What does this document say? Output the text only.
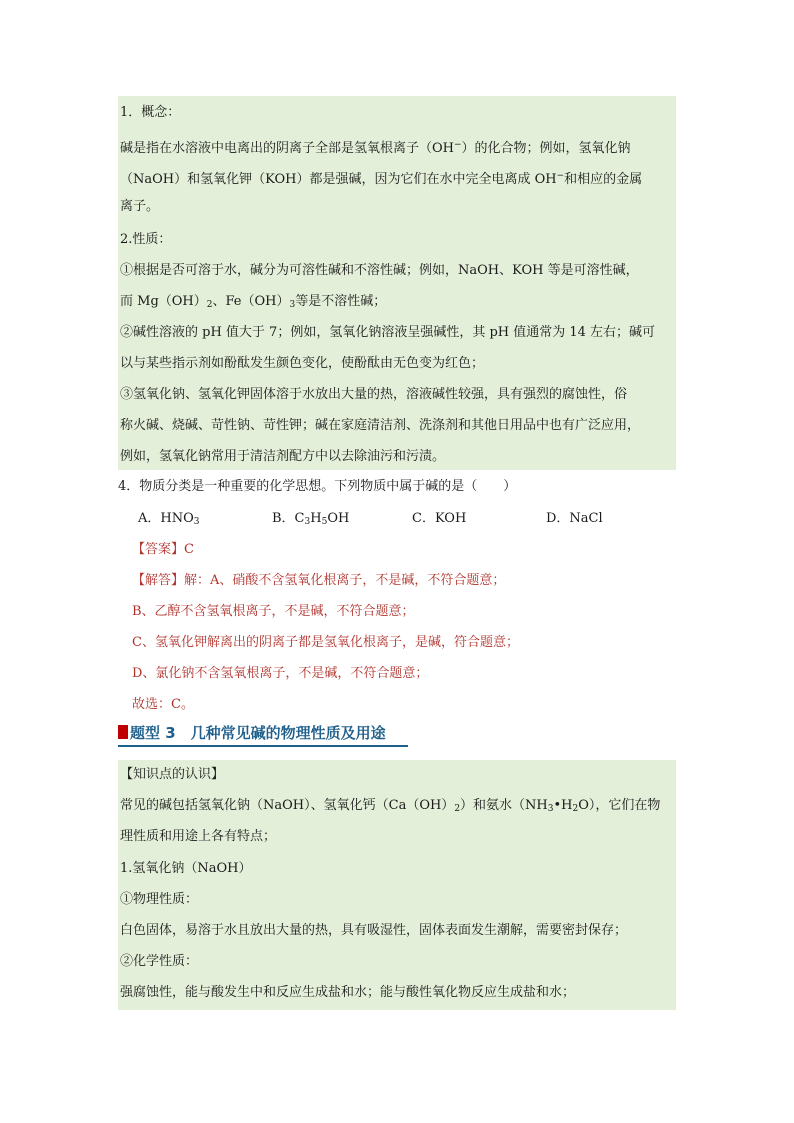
1．概念：
碱是指在水溶液中电离出的阴离子全部是氢氧根离子（OH−）的化合物；例如，氢氧化钠
（NaOH）和氢氧化钾（KOH）都是强碱，因为它们在水中完全电离成 OH−和相应的金属
离子。
2.性质：
①根据是否可溶于水，碱分为可溶性碱和不溶性碱；例如，NaOH、KOH 等是可溶性碱，
而 $Mg(OH)_2$、$Fe(OH)_3$等是不溶性碱；
②碱性溶液的 pH 值大于 7；例如，氢氧化钠溶液呈强碱性，其 pH 值通常为 14 左右；碱可
以与某些指示剂如酚酞发生颜色变化，使酚酞由无色变为红色；
③氢氧化钠、氢氧化钾固体溶于水放出大量的热，溶液碱性较强，具有强烈的腐蚀性，俗
称火碱、烧碱、苛性钠、苛性钾；碱在家庭清洁剂、洗涤剂和其他日用品中也有广泛应用，
例如，氢氧化钠常用于清洁剂配方中以去除油污和污渍。
4．物质分类是一种重要的化学思想。下列物质中属于碱的是（　　）
A．$HNO_3$	B．$C_3H_5OH$	C．KOH	D．NaCl
【答案】C
【解答】解：A、硝酸不含氢氧化根离子，不是碱，不符合题意；
B、乙醇不含氢氧根离子，不是碱，不符合题意；
C、氢氧化钾解离出的阴离子都是氢氧化根离子，是碱，符合题意；
D、氯化钠不含氢氧根离子，不是碱，不符合题意；
故选：C。
题型 3　几种常见碱的物理性质及用途
【知识点的认识】
常见的碱包括氢氧化钠（NaOH）、氢氧化钙$(Ca(OH)_2)$和氨水$(NH_3•H_2O)$，它们在物
理性质和用途上各有特点；
1.氢氧化钠（NaOH）
①物理性质：
白色固体，易溶于水且放出大量的热，具有吸湿性，固体表面发生潮解，需要密封保存；
②化学性质：
强腐蚀性，能与酸发生中和反应生成盐和水；能与酸性氧化物反应生成盐和水；
